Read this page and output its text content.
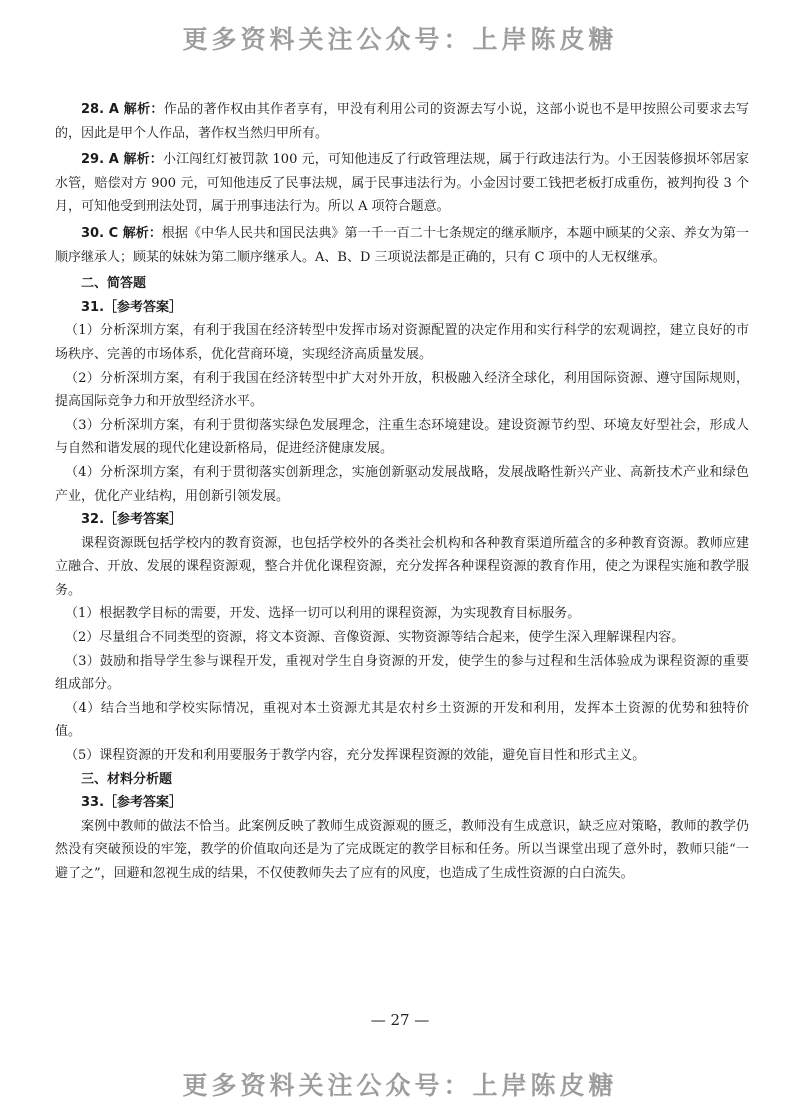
更多资料关注公众号：上岸陈皮糖

28. A 解析：作品的著作权由其作者享有，甲没有利用公司的资源去写小说，这部小说也不是甲按照公司要求去写的，因此是甲个人作品，著作权当然归甲所有。

29. A 解析：小江闯红灯被罚款 100 元，可知他违反了行政管理法规，属于行政违法行为。小王因装修损坏邻居家水管，赔偿对方 900 元，可知他违反了民事法规，属于民事违法行为。小金因讨要工钱把老板打成重伤，被判拘役 3 个月，可知他受到刑法处罚，属于刑事违法行为。所以 A 项符合题意。

30. C 解析：根据《中华人民共和国民法典》第一千一百二十七条规定的继承顺序，本题中顾某的父亲、养女为第一顺序继承人；顾某的妹妹为第二顺序继承人。A、B、D 三项说法都是正确的，只有 C 项中的人无权继承。

二、简答题

31.［参考答案］

（1）分析深圳方案，有利于我国在经济转型中发挥市场对资源配置的决定作用和实行科学的宏观调控，建立良好的市场秩序、完善的市场体系，优化营商环境，实现经济高质量发展。

（2）分析深圳方案，有利于我国在经济转型中扩大对外开放，积极融入经济全球化，利用国际资源、遵守国际规则，提高国际竞争力和开放型经济水平。

（3）分析深圳方案，有利于贯彻落实绿色发展理念，注重生态环境建设。建设资源节约型、环境友好型社会，形成人与自然和谐发展的现代化建设新格局，促进经济健康发展。

（4）分析深圳方案，有利于贯彻落实创新理念，实施创新驱动发展战略，发展战略性新兴产业、高新技术产业和绿色产业，优化产业结构，用创新引领发展。

32.［参考答案］

课程资源既包括学校内的教育资源，也包括学校外的各类社会机构和各种教育渠道所蕴含的多种教育资源。教师应建立融合、开放、发展的课程资源观，整合并优化课程资源，充分发挥各种课程资源的教育作用，使之为课程实施和教学服务。

（1）根据教学目标的需要，开发、选择一切可以利用的课程资源，为实现教育目标服务。

（2）尽量组合不同类型的资源，将文本资源、音像资源、实物资源等结合起来，使学生深入理解课程内容。

（3）鼓励和指导学生参与课程开发，重视对学生自身资源的开发，使学生的参与过程和生活体验成为课程资源的重要组成部分。

（4）结合当地和学校实际情况，重视对本土资源尤其是农村乡土资源的开发和利用，发挥本土资源的优势和独特价值。

（5）课程资源的开发和利用要服务于教学内容，充分发挥课程资源的效能，避免盲目性和形式主义。

三、材料分析题

33.［参考答案］

案例中教师的做法不恰当。此案例反映了教师生成资源观的匮乏，教师没有生成意识，缺乏应对策略，教师的教学仍然没有突破预设的牢笼，教学的价值取向还是为了完成既定的教学目标和任务。所以当课堂出现了意外时，教师只能“一避了之”，回避和忽视生成的结果，不仅使教师失去了应有的风度，也造成了生成性资源的白白流失。

— 27 —
更多资料关注公众号：上岸陈皮糖
